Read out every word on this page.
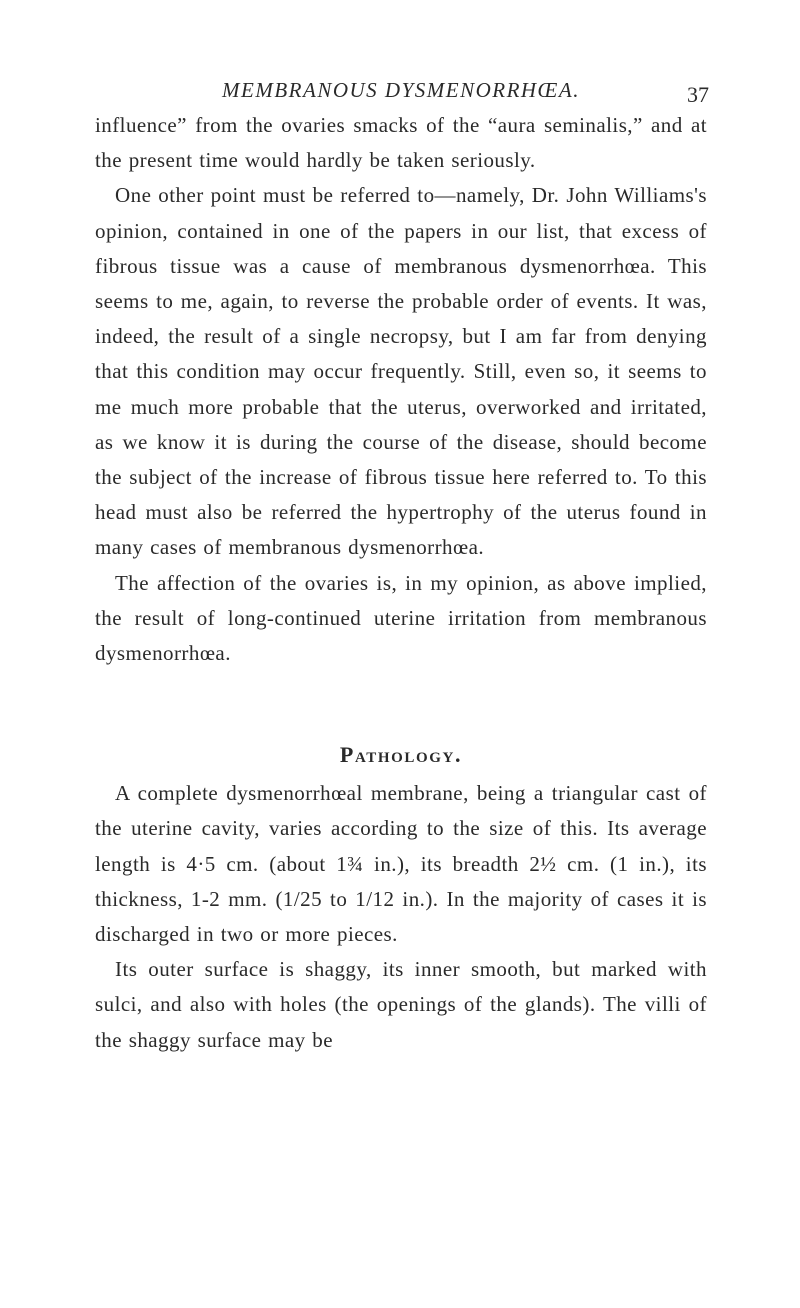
MEMBRANOUS DYSMENORRHŒA.	37

influence” from the ovaries smacks of the “aura seminalis,” and at the present time would hardly be taken seriously.

One other point must be referred to—namely, Dr. John Williams's opinion, contained in one of the papers in our list, that excess of fibrous tissue was a cause of membranous dysmenorrhœa. This seems to me, again, to reverse the probable order of events. It was, indeed, the result of a single necropsy, but I am far from denying that this condition may occur frequently. Still, even so, it seems to me much more probable that the uterus, overworked and irritated, as we know it is during the course of the disease, should become the subject of the increase of fibrous tissue here referred to. To this head must also be referred the hypertrophy of the uterus found in many cases of membranous dysmenorrhœa.

The affection of the ovaries is, in my opinion, as above implied, the result of long-continued uterine irritation from membranous dysmenorrhœa.

Pathology.

A complete dysmenorrhœal membrane, being a triangular cast of the uterine cavity, varies according to the size of this. Its average length is 4·5 cm. (about 1¾ in.), its breadth 2½ cm. (1 in.), its thickness, 1-2 mm. (1/25 to 1/12 in.). In the majority of cases it is discharged in two or more pieces.

Its outer surface is shaggy, its inner smooth, but marked with sulci, and also with holes (the openings of the glands). The villi of the shaggy surface may be
